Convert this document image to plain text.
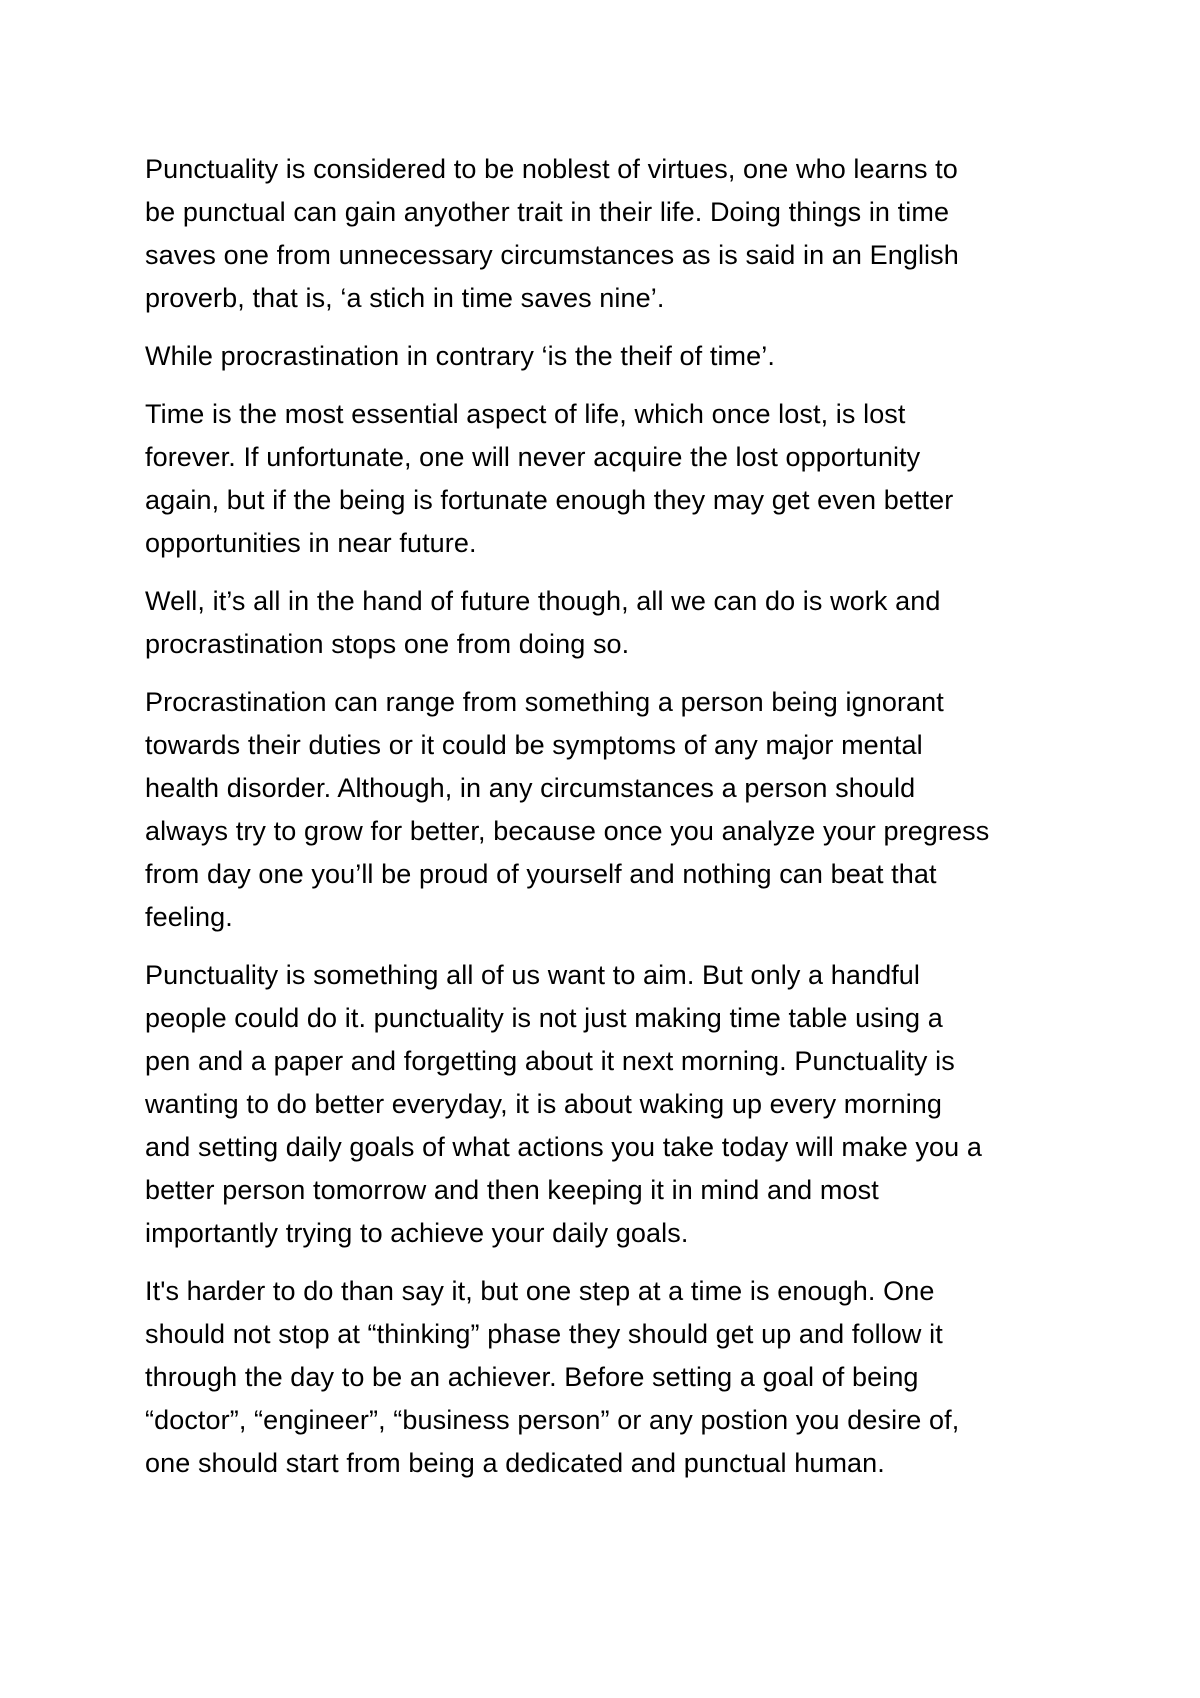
Punctuality is considered to be noblest of virtues, one who learns to
be punctual can gain anyother trait in their life. Doing things in time
saves one from unnecessary circumstances as is said in an English
proverb, that is, ‘a stich in time saves nine’.
While procrastination in contrary ‘is the theif of time’.
Time is the most essential aspect of life, which once lost, is lost
forever. If unfortunate, one will never acquire the lost opportunity
again, but if the being is fortunate enough they may get even better
opportunities in near future.
Well, it’s all in the hand of future though, all we can do is work and
procrastination stops one from doing so.
Procrastination can range from something a person being ignorant
towards their duties or it could be symptoms of any major mental
health disorder. Although, in any circumstances a person should
always try to grow for better, because once you analyze your pregress
from day one you’ll be proud of yourself and nothing can beat that
feeling.
Punctuality is something all of us want to aim. But only a handful
people could do it. punctuality is not just making time table using a
pen and a paper and forgetting about it next morning. Punctuality is
wanting to do better everyday, it is about waking up every morning
and setting daily goals of what actions you take today will make you a
better person tomorrow and then keeping it in mind and most
importantly trying to achieve your daily goals.
It's harder to do than say it, but one step at a time is enough. One
should not stop at “thinking” phase they should get up and follow it
through the day to be an achiever. Before setting a goal of being
“doctor”, “engineer”, “business person” or any postion you desire of,
one should start from being a dedicated and punctual human.
